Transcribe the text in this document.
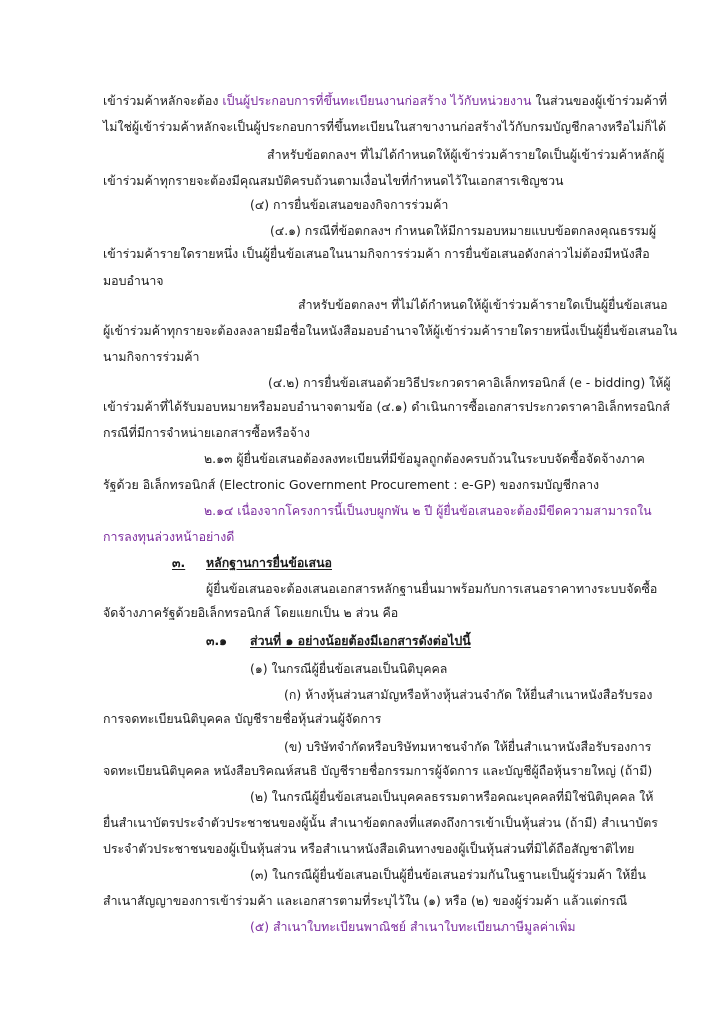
เข้าร่วมค้าหลักจะต้อง เป็นผู้ประกอบการที่ขึ้นทะเบียนงานก่อสร้าง ไว้กับหน่วยงาน ในส่วนของผู้เข้าร่วมค้าที่
ไม่ใช่ผู้เข้าร่วมค้าหลักจะเป็นผู้ประกอบการที่ขึ้นทะเบียนในสาขางานก่อสร้างไว้กับกรมบัญชีกลางหรือไม่ก็ได้
สำหรับข้อตกลงฯ ที่ไม่ได้กำหนดให้ผู้เข้าร่วมค้ารายใดเป็นผู้เข้าร่วมค้าหลักผู้
เข้าร่วมค้าทุกรายจะต้องมีคุณสมบัติครบถ้วนตามเงื่อนไขที่กำหนดไว้ในเอกสารเชิญชวน
(๔) การยื่นข้อเสนอของกิจการร่วมค้า
(๔.๑) กรณีที่ข้อตกลงฯ กำหนดให้มีการมอบหมายแบบข้อตกลงคุณธรรมผู้
เข้าร่วมค้ารายใดรายหนึ่ง เป็นผู้ยื่นข้อเสนอในนามกิจการร่วมค้า การยื่นข้อเสนอดังกล่าวไม่ต้องมีหนังสือ
มอบอำนาจ
สำหรับข้อตกลงฯ ที่ไม่ได้กำหนดให้ผู้เข้าร่วมค้ารายใดเป็นผู้ยื่นข้อเสนอ
ผู้เข้าร่วมค้าทุกรายจะต้องลงลายมือชื่อในหนังสือมอบอำนาจให้ผู้เข้าร่วมค้ารายใดรายหนึ่งเป็นผู้ยื่นข้อเสนอใน
นามกิจการร่วมค้า
(๔.๒) การยื่นข้อเสนอด้วยวิธีประกวดราคาอิเล็กทรอนิกส์ (e - bidding) ให้ผู้
เข้าร่วมค้าที่ได้รับมอบหมายหรือมอบอำนาจตามข้อ (๔.๑) ดำเนินการซื้อเอกสารประกวดราคาอิเล็กทรอนิกส์
กรณีที่มีการจำหน่ายเอกสารซื้อหรือจ้าง
๒.๑๓ ผู้ยื่นข้อเสนอต้องลงทะเบียนที่มีข้อมูลถูกต้องครบถ้วนในระบบจัดซื้อจัดจ้างภาค
รัฐด้วย อิเล็กทรอนิกส์ (Electronic Government Procurement : e-GP) ของกรมบัญชีกลาง
๒.๑๔ เนื่องจากโครงการนี้เป็นงบผูกพัน ๒ ปี ผู้ยื่นข้อเสนอจะต้องมีขีดความสามารถใน
การลงทุนล่วงหน้าอย่างดี
๓. หลักฐานการยื่นข้อเสนอ
ผู้ยื่นข้อเสนอจะต้องเสนอเอกสารหลักฐานยื่นมาพร้อมกับการเสนอราคาทางระบบจัดซื้อ
จัดจ้างภาครัฐด้วยอิเล็กทรอนิกส์ โดยแยกเป็น ๒ ส่วน คือ
๓.๑ ส่วนที่ ๑ อย่างน้อยต้องมีเอกสารดังต่อไปนี้
(๑) ในกรณีผู้ยื่นข้อเสนอเป็นนิติบุคคล
(ก) ห้างหุ้นส่วนสามัญหรือห้างหุ้นส่วนจำกัด ให้ยื่นสำเนาหนังสือรับรอง
การจดทะเบียนนิติบุคคล บัญชีรายชื่อหุ้นส่วนผู้จัดการ
(ข) บริษัทจำกัดหรือบริษัทมหาชนจำกัด ให้ยื่นสำเนาหนังสือรับรองการ
จดทะเบียนนิติบุคคล หนังสือบริคณห์สนธิ บัญชีรายชื่อกรรมการผู้จัดการ และบัญชีผู้ถือหุ้นรายใหญ่ (ถ้ามี)
(๒) ในกรณีผู้ยื่นข้อเสนอเป็นบุคคลธรรมดาหรือคณะบุคคลที่มิใช่นิติบุคคล ให้
ยื่นสำเนาบัตรประจำตัวประชาชนของผู้นั้น สำเนาข้อตกลงที่แสดงถึงการเข้าเป็นหุ้นส่วน (ถ้ามี) สำเนาบัตร
ประจำตัวประชาชนของผู้เป็นหุ้นส่วน หรือสำเนาหนังสือเดินทางของผู้เป็นหุ้นส่วนที่มิได้ถือสัญชาติไทย
(๓) ในกรณีผู้ยื่นข้อเสนอเป็นผู้ยื่นข้อเสนอร่วมกันในฐานะเป็นผู้ร่วมค้า ให้ยื่น
สำเนาสัญญาของการเข้าร่วมค้า และเอกสารตามที่ระบุไว้ใน (๑) หรือ (๒) ของผู้ร่วมค้า แล้วแต่กรณี
(๕) สำเนาใบทะเบียนพาณิชย์ สำเนาใบทะเบียนภาษีมูลค่าเพิ่ม
